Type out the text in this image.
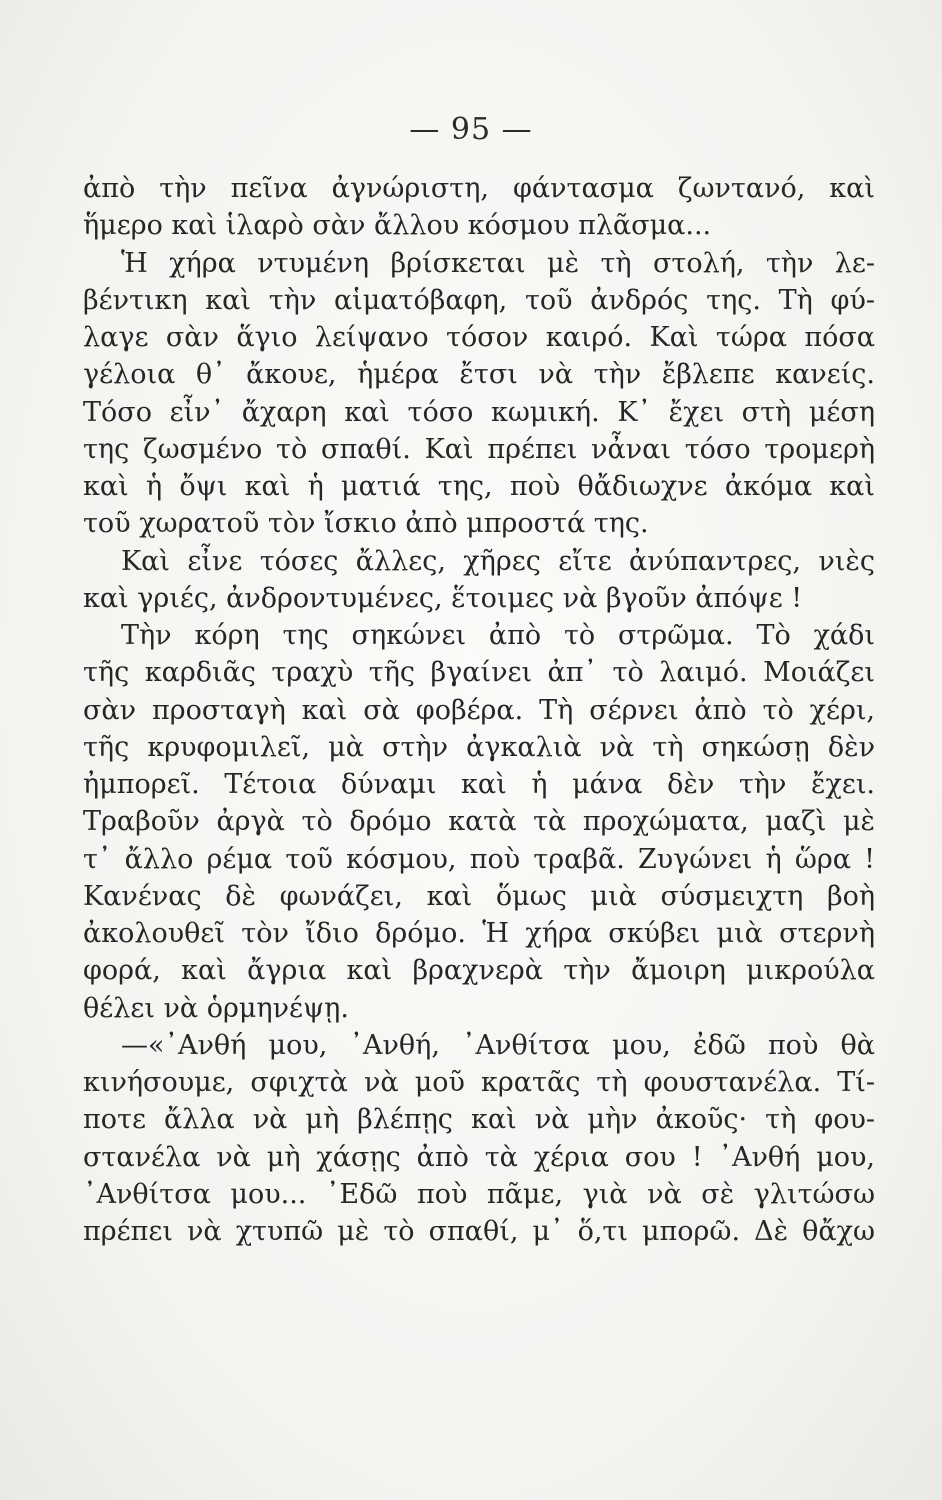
— 95 —
ἀπὸ τὴν πεῖνα ἀγνώριστη, φάντασμα ζωντανό, καὶ
ἥμερο καὶ ἱλαρὸ σὰν ἄλλου κόσμου πλᾶσμα...
Ἡ χήρα ντυμένη βρίσκεται μὲ τὴ στολή, τὴν λε-
βέντικη καὶ τὴν αἱματόβαφη, τοῦ ἀνδρός της. Τὴ φύ-
λαγε σὰν ἅγιο λείψανο τόσον καιρό. Καὶ τώρα πόσα
γέλοια θ᾽ ἄκουε, ἡμέρα ἔτσι νὰ τὴν ἔβλεπε κανείς.
Τόσο εἶν᾽ ἄχαρη καὶ τόσο κωμική. Κ᾽ ἔχει στὴ μέση
της ζωσμένο τὸ σπαθί. Καὶ πρέπει νἆναι τόσο τρομερὴ
καὶ ἡ ὄψι καὶ ἡ ματιά της, ποὺ θἄδιωχνε ἀκόμα καὶ
τοῦ χωρατοῦ τὸν ἴσκιο ἀπὸ μπροστά της.
Καὶ εἶνε τόσες ἄλλες, χῆρες εἴτε ἀνύπαντρες, νιὲς
καὶ γριές, ἀνδροντυμένες, ἕτοιμες νὰ βγοῦν ἀπόψε !
Τὴν κόρη της σηκώνει ἀπὸ τὸ στρῶμα. Τὸ χάδι
τῆς καρδιᾶς τραχὺ τῆς βγαίνει ἀπ᾽ τὸ λαιμό. Μοιάζει
σὰν προσταγὴ καὶ σὰ φοβέρα. Τὴ σέρνει ἀπὸ τὸ χέρι,
τῆς κρυφομιλεῖ, μὰ στὴν ἀγκαλιὰ νὰ τὴ σηκώσῃ δὲν
ἠμπορεῖ. Τέτοια δύναμι καὶ ἡ μάνα δὲν τὴν ἔχει.
Τραβοῦν ἀργὰ τὸ δρόμο κατὰ τὰ προχώματα, μαζὶ μὲ
τ᾽ ἄλλο ρέμα τοῦ κόσμου, ποὺ τραβᾶ. Ζυγώνει ἡ ὥρα !
Κανένας δὲ φωνάζει, καὶ ὅμως μιὰ σύσμειχτη βοὴ
ἀκολουθεῖ τὸν ἴδιο δρόμο. Ἡ χήρα σκύβει μιὰ στερνὴ
φορά, καὶ ἄγρια καὶ βραχνερὰ τὴν ἄμοιρη μικρούλα
θέλει νὰ ὁρμηνέψῃ.
—«᾽Ανθή μου, ᾽Ανθή, ᾽Ανθίτσα μου, ἐδῶ ποὺ θὰ
κινήσουμε, σφιχτὰ νὰ μοῦ κρατᾶς τὴ φουστανέλα. Τί-
ποτε ἄλλα νὰ μὴ βλέπῃς καὶ νὰ μὴν ἀκοῦς· τὴ φου-
στανέλα νὰ μὴ χάσῃς ἀπὸ τὰ χέρια σου ! ᾽Ανθή μου,
᾽Ανθίτσα μου... ᾽Εδῶ ποὺ πᾶμε, γιὰ νὰ σὲ γλιτώσω
πρέπει νὰ χτυπῶ μὲ τὸ σπαθί, μ᾽ ὅ,τι μπορῶ. Δὲ θἄχω
